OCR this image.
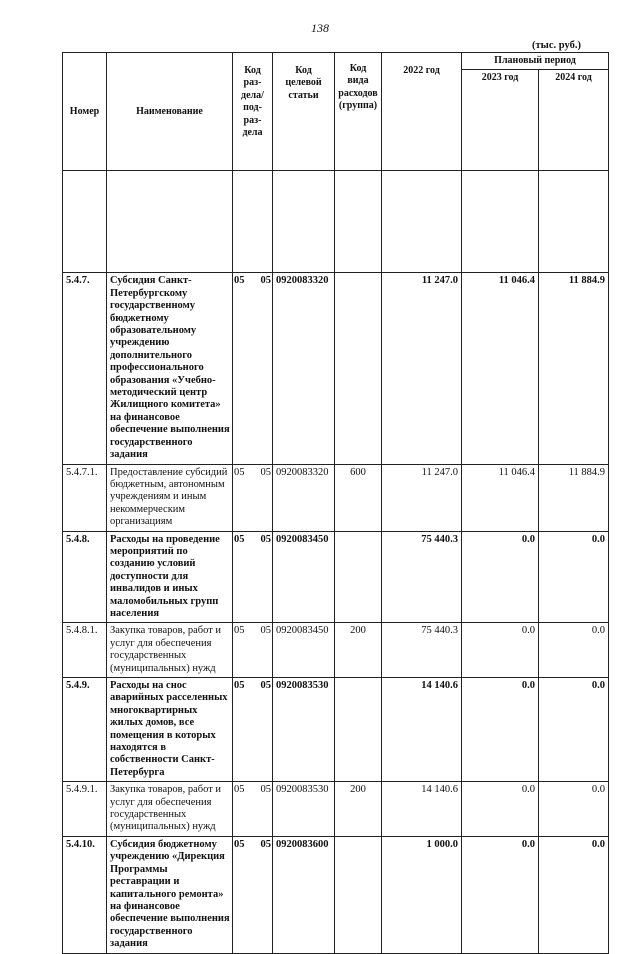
138
(тыс. руб.)
Номер	Наименование	Код раз- дела/ под- раз- дела	Код целевой статьи	Код вида расходов (группа)	2022 год	Плановый период	
						2023 год	2024 год

5.4.7.	Субсидия Санкт-Петербургскому государственному бюджетному образовательному учреждению дополнительного профессионального образования «Учебно-методический центр Жилищного комитета» на финансовое обеспечение выполнения государственного задания	05 05	0920083320		11 247.0	11 046.4	11 884.9
5.4.7.1.	Предоставление субсидий бюджетным, автономным учреждениям и иным некоммерческим организациям	05 05	0920083320	600	11 247.0	11 046.4	11 884.9
5.4.8.	Расходы на проведение мероприятий по созданию условий доступности для инвалидов и иных маломобильных групп населения	05 05	0920083450		75 440.3	0.0	0.0
5.4.8.1.	Закупка товаров, работ и услуг для обеспечения государственных (муниципальных) нужд	05 05	0920083450	200	75 440.3	0.0	0.0
5.4.9.	Расходы на снос аварийных расселенных многоквартирных жилых домов, все помещения в которых находятся в собственности Санкт-Петербурга	05 05	0920083530		14 140.6	0.0	0.0
5.4.9.1.	Закупка товаров, работ и услуг для обеспечения государственных (муниципальных) нужд	05 05	0920083530	200	14 140.6	0.0	0.0
5.4.10.	Субсидия бюджетному учреждению «Дирекция Программы реставрации и капитального ремонта» на финансовое обеспечение выполнения государственного задания	05 05	0920083600		1 000.0	0.0	0.0
